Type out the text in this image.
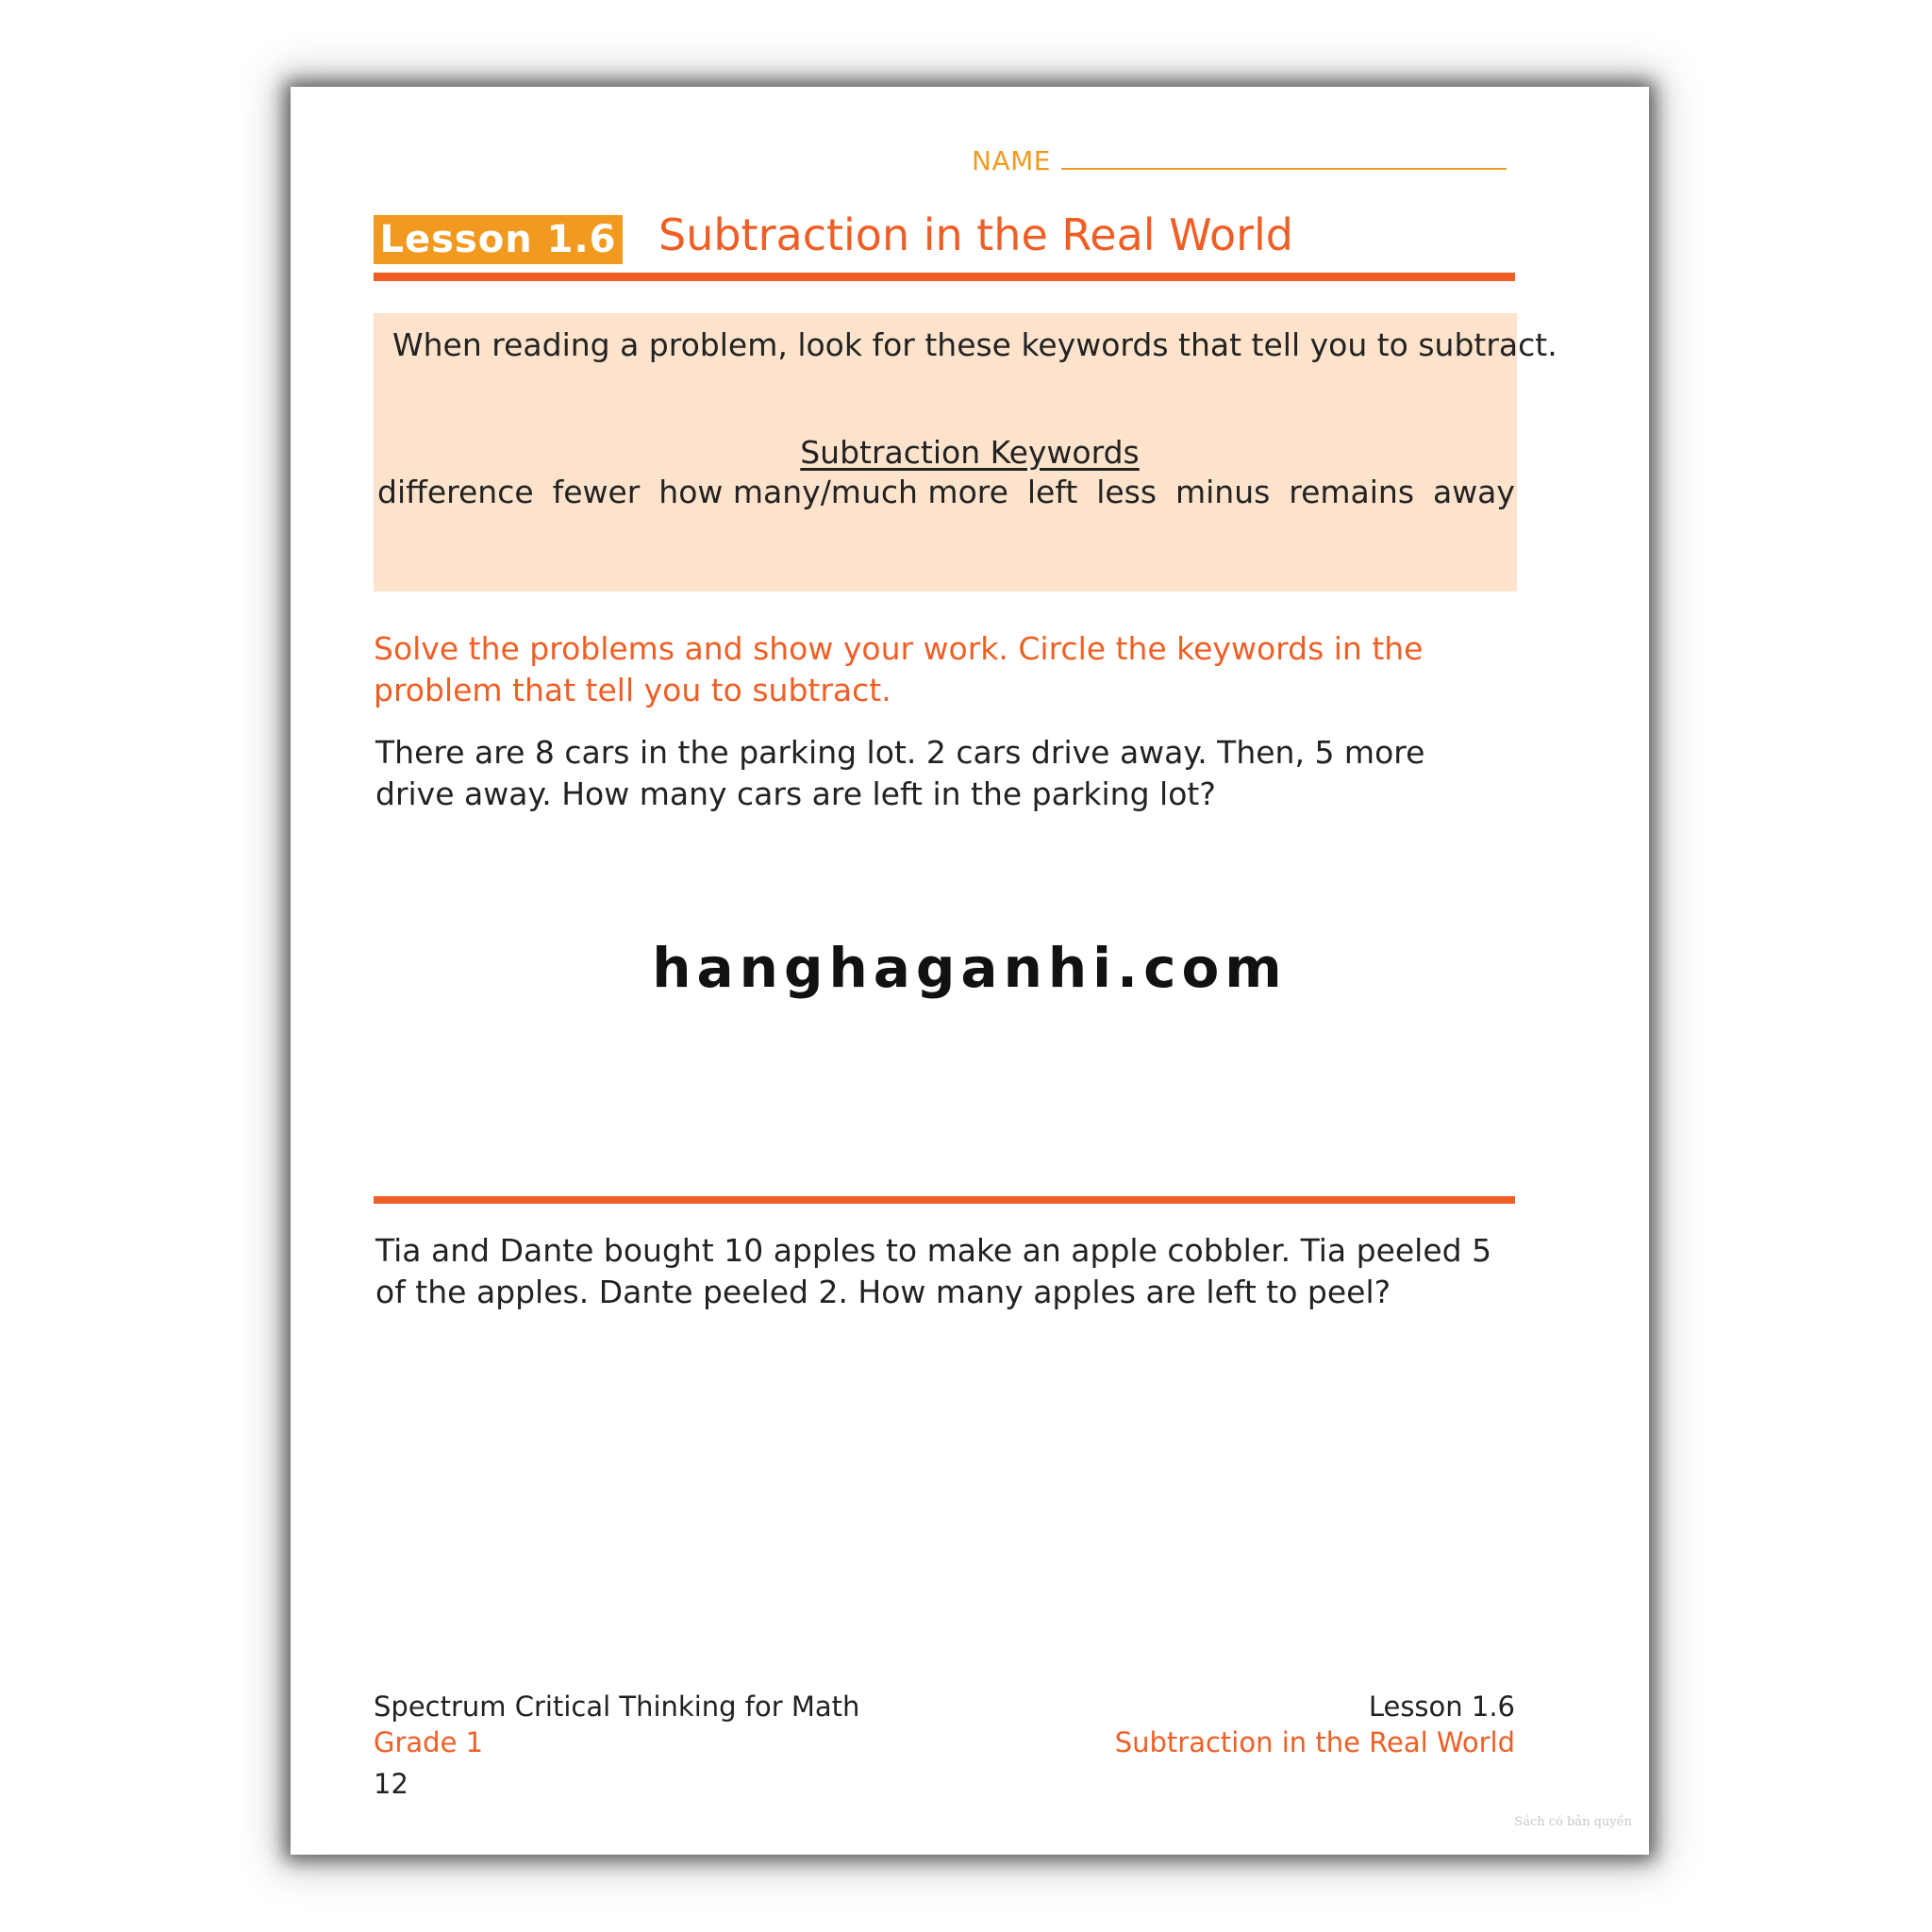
NAME
Lesson 1.6 Subtraction in the Real World
When reading a problem, look for these keywords that tell you to subtract.
Subtraction Keywords
difference fewer how many/much more left less minus remains away
Solve the problems and show your work. Circle the keywords in the problem that tell you to subtract.
There are 8 cars in the parking lot. 2 cars drive away. Then, 5 more drive away. How many cars are left in the parking lot?
hanghaganhi.com
Tia and Dante bought 10 apples to make an apple cobbler. Tia peeled 5 of the apples. Dante peeled 2. How many apples are left to peel?
Spectrum Critical Thinking for Math
Grade 1
12
Lesson 1.6
Subtraction in the Real World
Sách có bản quyền
